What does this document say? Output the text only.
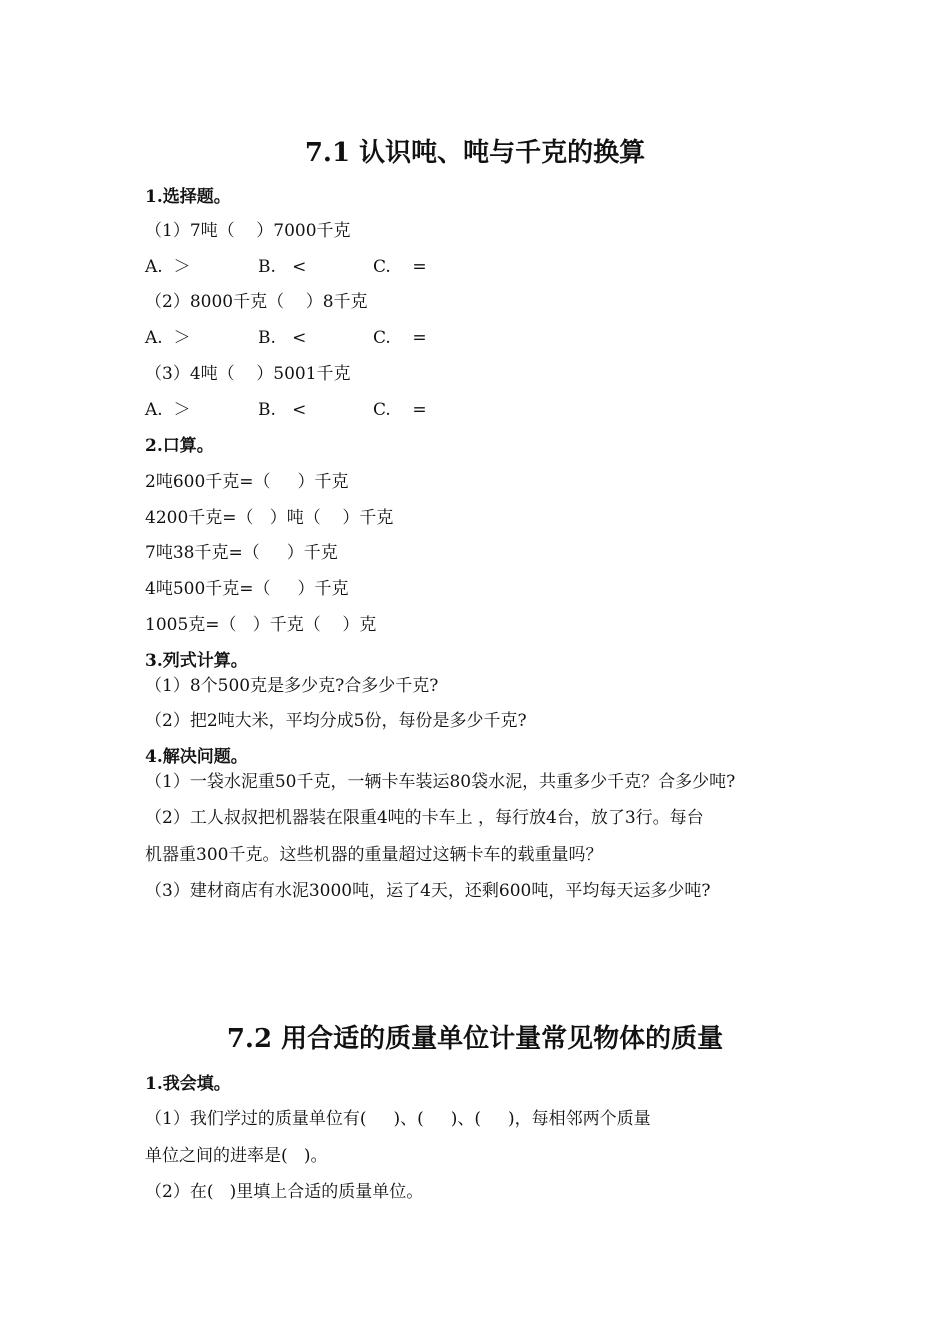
7.1 认识吨、吨与千克的换算
1.选择题。
（1）7吨（    ）7000千克
A.  ＞	B.   <	C.    =
（2）8000千克（    ）8千克
A.  ＞	B.   <	C.    =
（3）4吨（    ）5001千克
A.  ＞	B.   <	C.    =
2.口算。
2吨600千克=（     ）千克
4200千克=（   ）吨（    ）千克
7吨38千克=（     ）千克
4吨500千克=（     ）千克
1005克=（   ）千克（    ）克
3.列式计算。
（1）8个500克是多少克?合多少千克?
（2）把2吨大米，平均分成5份，每份是多少千克?
4.解决问题。
（1）一袋水泥重50千克，一辆卡车装运80袋水泥，共重多少千克？合多少吨?
（2）工人叔叔把机器装在限重4吨的卡车上 ，每行放4台，放了3行。每台
机器重300千克。这些机器的重量超过这辆卡车的载重量吗？
（3）建材商店有水泥3000吨，运了4天，还剩600吨，平均每天运多少吨?
7.2 用合适的质量单位计量常见物体的质量
1.我会填。
（1）我们学过的质量单位有(     )、(     )、(     )，每相邻两个质量
单位之间的进率是(   )。
（2）在(   )里填上合适的质量单位。
